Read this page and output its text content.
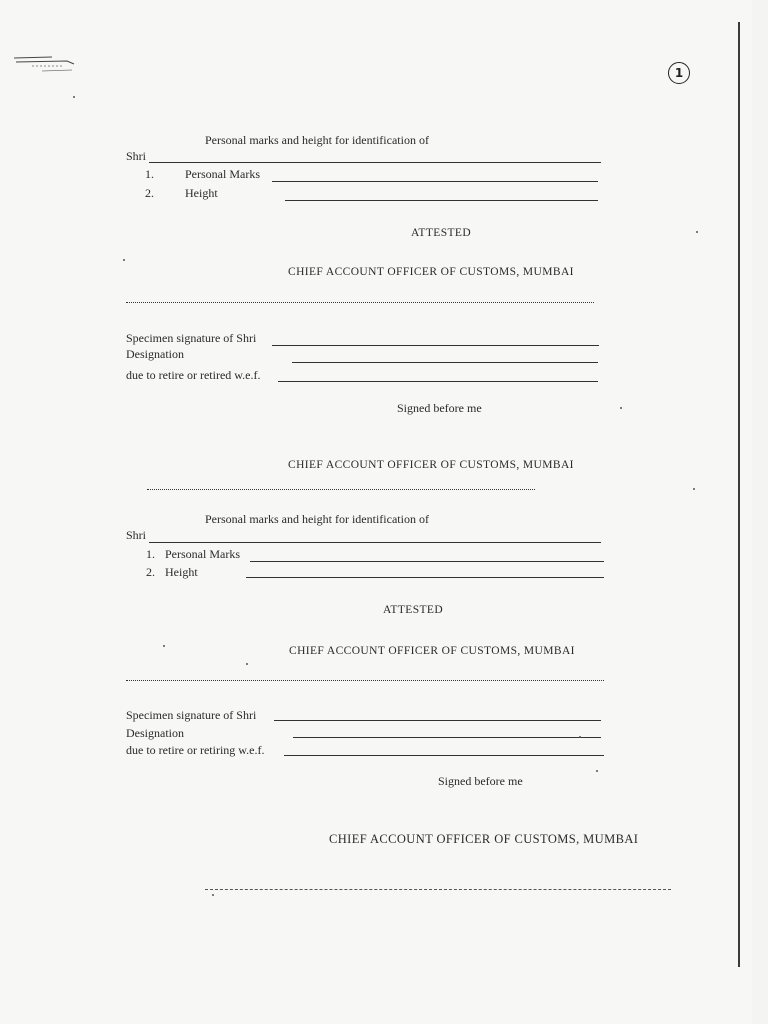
1
Personal marks and height for identification of
Shri
1.	Personal Marks
2.	Height
ATTESTED
CHIEF ACCOUNT OFFICER OF CUSTOMS, MUMBAI
Specimen signature of Shri
Designation
due to retire or retired w.e.f.
Signed before me
CHIEF ACCOUNT OFFICER OF CUSTOMS, MUMBAI
Personal marks and height for identification of
Shri
1. Personal Marks
2. Height
ATTESTED
CHIEF ACCOUNT OFFICER OF CUSTOMS, MUMBAI
Specimen signature of Shri
Designation
due to retire or retiring w.e.f.
Signed before me
CHIEF ACCOUNT OFFICER OF CUSTOMS, MUMBAI
